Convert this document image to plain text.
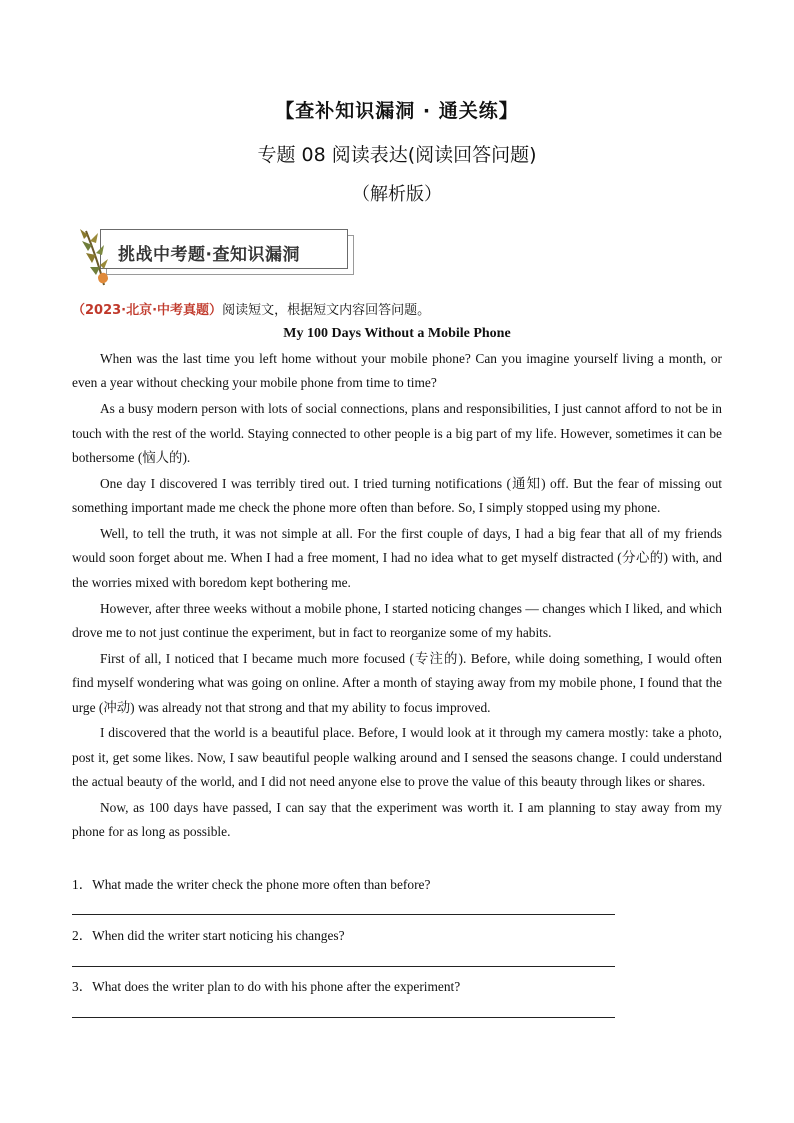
【查补知识漏洞 · 通关练】
专题 08 阅读表达(阅读回答问题)
（解析版）
挑战中考题·查知识漏洞
（2023·北京·中考真题）阅读短文，根据短文内容回答问题。
My 100 Days Without a Mobile Phone

When was the last time you left home without your mobile phone? Can you imagine yourself living a month, or even a year without checking your mobile phone from time to time?

As a busy modern person with lots of social connections, plans and responsibilities, I just cannot afford to not be in touch with the rest of the world. Staying connected to other people is a big part of my life. However, sometimes it can be bothersome (恼人的).

One day I discovered I was terribly tired out. I tried turning notifications (通知) off. But the fear of missing out something important made me check the phone more often than before. So, I simply stopped using my phone.

Well, to tell the truth, it was not simple at all. For the first couple of days, I had a big fear that all of my friends would soon forget about me. When I had a free moment, I had no idea what to get myself distracted (分心的) with, and the worries mixed with boredom kept bothering me.

However, after three weeks without a mobile phone, I started noticing changes — changes which I liked, and which drove me to not just continue the experiment, but in fact to reorganize some of my habits.

First of all, I noticed that I became much more focused (专注的). Before, while doing something, I would often find myself wondering what was going on online. After a month of staying away from my mobile phone, I found that the urge (冲动) was already not that strong and that my ability to focus improved.

I discovered that the world is a beautiful place. Before, I would look at it through my camera mostly: take a photo, post it, get some likes. Now, I saw beautiful people walking around and I sensed the seasons change. I could understand the actual beauty of the world, and I did not need anyone else to prove the value of this beauty through likes or shares.

Now, as 100 days have passed, I can say that the experiment was worth it. I am planning to stay away from my phone for as long as possible.

1．What made the writer check the phone more often than before?
2．When did the writer start noticing his changes?
3．What does the writer plan to do with his phone after the experiment?
